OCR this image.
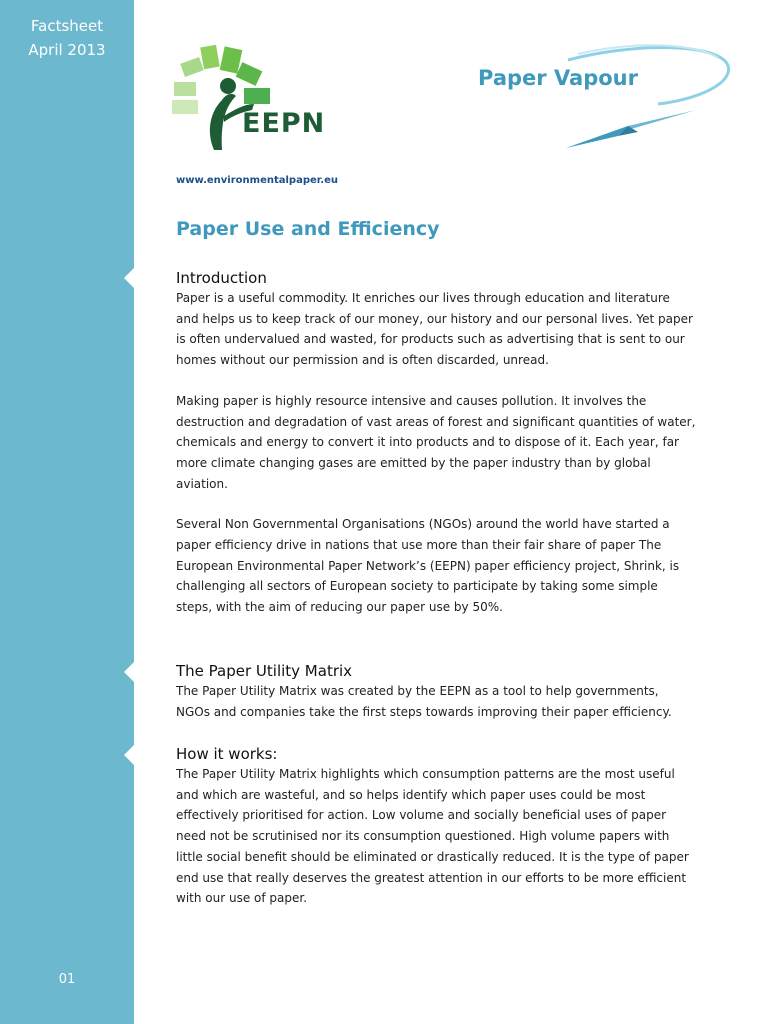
Factsheet
April 2013
01
EEPN
Paper Vapour
www.environmentalpaper.eu
Paper Use and Efficiency
Introduction

Paper is a useful commodity. It enriches our lives through education and literature and helps us to keep track of our money, our history and our personal lives. Yet paper is often undervalued and wasted, for products such as advertising that is sent to our homes without our permission and is often discarded, unread.

Making paper is highly resource intensive and causes pollution. It involves the destruction and degradation of vast areas of forest and significant quantities of water, chemicals and energy to convert it into products and to dispose of it. Each year, far more climate changing gases are emitted by the paper industry than by global aviation.

Several Non Governmental Organisations (NGOs) around the world have started a paper efficiency drive in nations that use more than their fair share of paper The European Environmental Paper Network’s (EEPN) paper efficiency project, Shrink, is challenging all sectors of European society to participate by taking some simple steps, with the aim of reducing our paper use by 50%.

The Paper Utility Matrix

The Paper Utility Matrix was created by the EEPN as a tool to help governments, NGOs and companies take the first steps towards improving their paper efficiency.

How it works:

The Paper Utility Matrix highlights which consumption patterns are the most useful and which are wasteful, and so helps identify which paper uses could be most effectively prioritised for action. Low volume and socially beneficial uses of paper need not be scrutinised nor its consumption questioned. High volume papers with little social benefit should be eliminated or drastically reduced. It is the type of paper end use that really deserves the greatest attention in our efforts to be more efficient with our use of paper.
